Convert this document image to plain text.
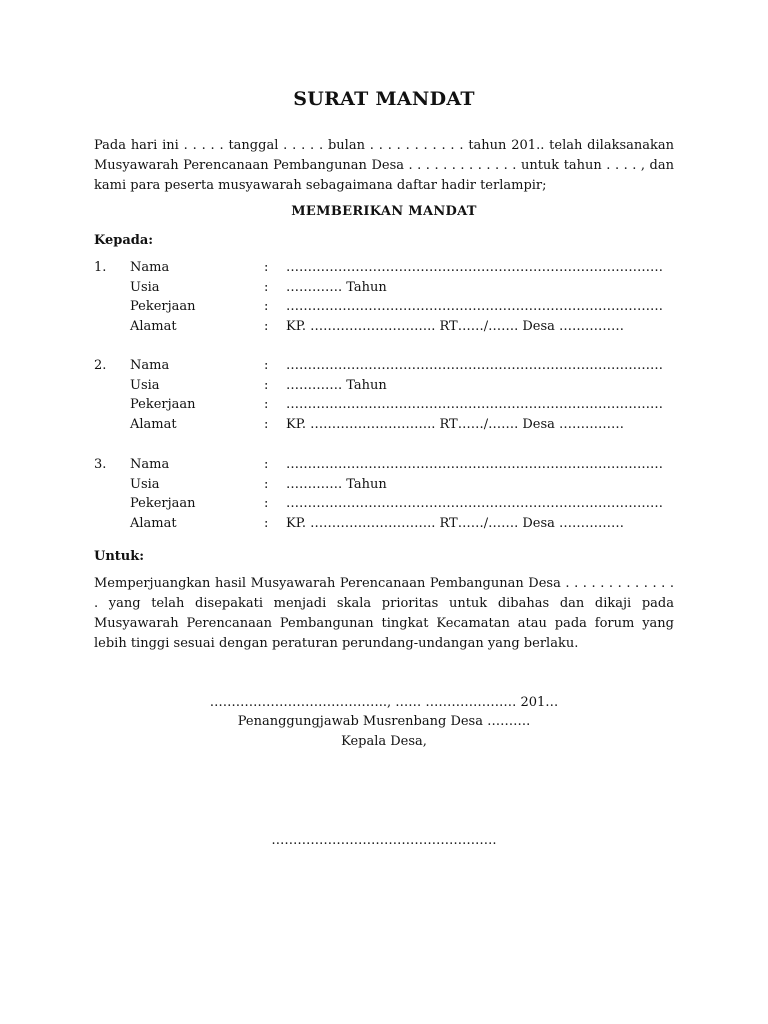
SURAT MANDAT

Pada hari ini . . . . . tanggal . . . . . bulan . . . . . . . . . . . tahun 201.. telah dilaksanakan Musyawarah Perencanaan Pembangunan Desa . . . . . . . . . . . . . untuk tahun . . . . , dan kami para peserta musyawarah sebagaimana daftar hadir terlampir;

MEMBERIKAN MANDAT
Kepada:
1. Nama	: ……………………………………………………………………………
Usia	: …………. Tahun
Pekerjaan	: ……………………………………………………………………………
Alamat	: KP. ……………………….. RT……/……. Desa ……………
2. Nama	: ……………………………………………………………………………
Usia	: …………. Tahun
Pekerjaan	: ……………………………………………………………………………
Alamat	: KP. ……………………….. RT……/……. Desa ……………
3. Nama	: ……………………………………………………………………………
Usia	: …………. Tahun
Pekerjaan	: ……………………………………………………………………………
Alamat	: KP. ……………………….. RT……/……. Desa ……………
Untuk:

Memperjuangkan hasil Musyawarah Perencanaan Pembangunan Desa . . . . . . . . . . . . . . yang telah disepakati menjadi skala prioritas untuk dibahas dan dikaji pada Musyawarah Perencanaan Pembangunan tingkat Kecamatan atau pada forum yang lebih tinggi sesuai dengan peraturan perundang-undangan yang berlaku.

………………………………….., …… ………………… 201…
Penanggungjawab Musrenbang Desa ……….
Kepala Desa,
…………………………………………….
